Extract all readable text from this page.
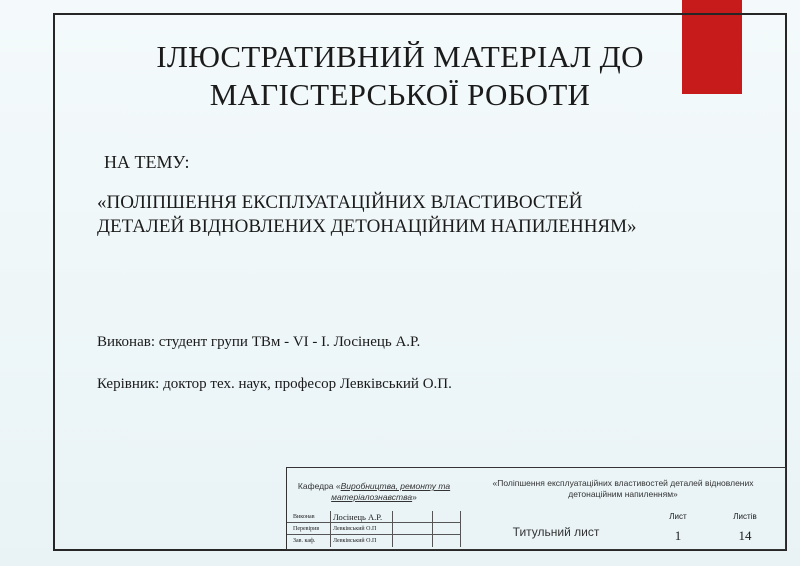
ІЛЮСТРАТИВНИЙ МАТЕРІАЛ ДО
МАГІСТЕРСЬКОЇ РОБОТИ
НА ТЕМУ:
«ПОЛІПШЕННЯ ЕКСПЛУАТАЦІЙНИХ ВЛАСТИВОСТЕЙ
ДЕТАЛЕЙ ВІДНОВЛЕНИХ ДЕТОНАЦІЙНИМ НАПИЛЕННЯМ»
Виконав: студент групи ТВм - VI - І. Лосінець А.Р.
Керівник: доктор тех. наук, професор Левківський О.П.
Кафедра «Виробництва, ремонту та матеріалознавства»
«Поліпшення експлуатаційних властивостей деталей відновлених детонаційним напиленням»
Виконав	Лосінець А.Р.
Перевірив	Левківський О.П
Зав. каф.	Левківський О.П
Титульний лист
Лист	Листів
1	14
